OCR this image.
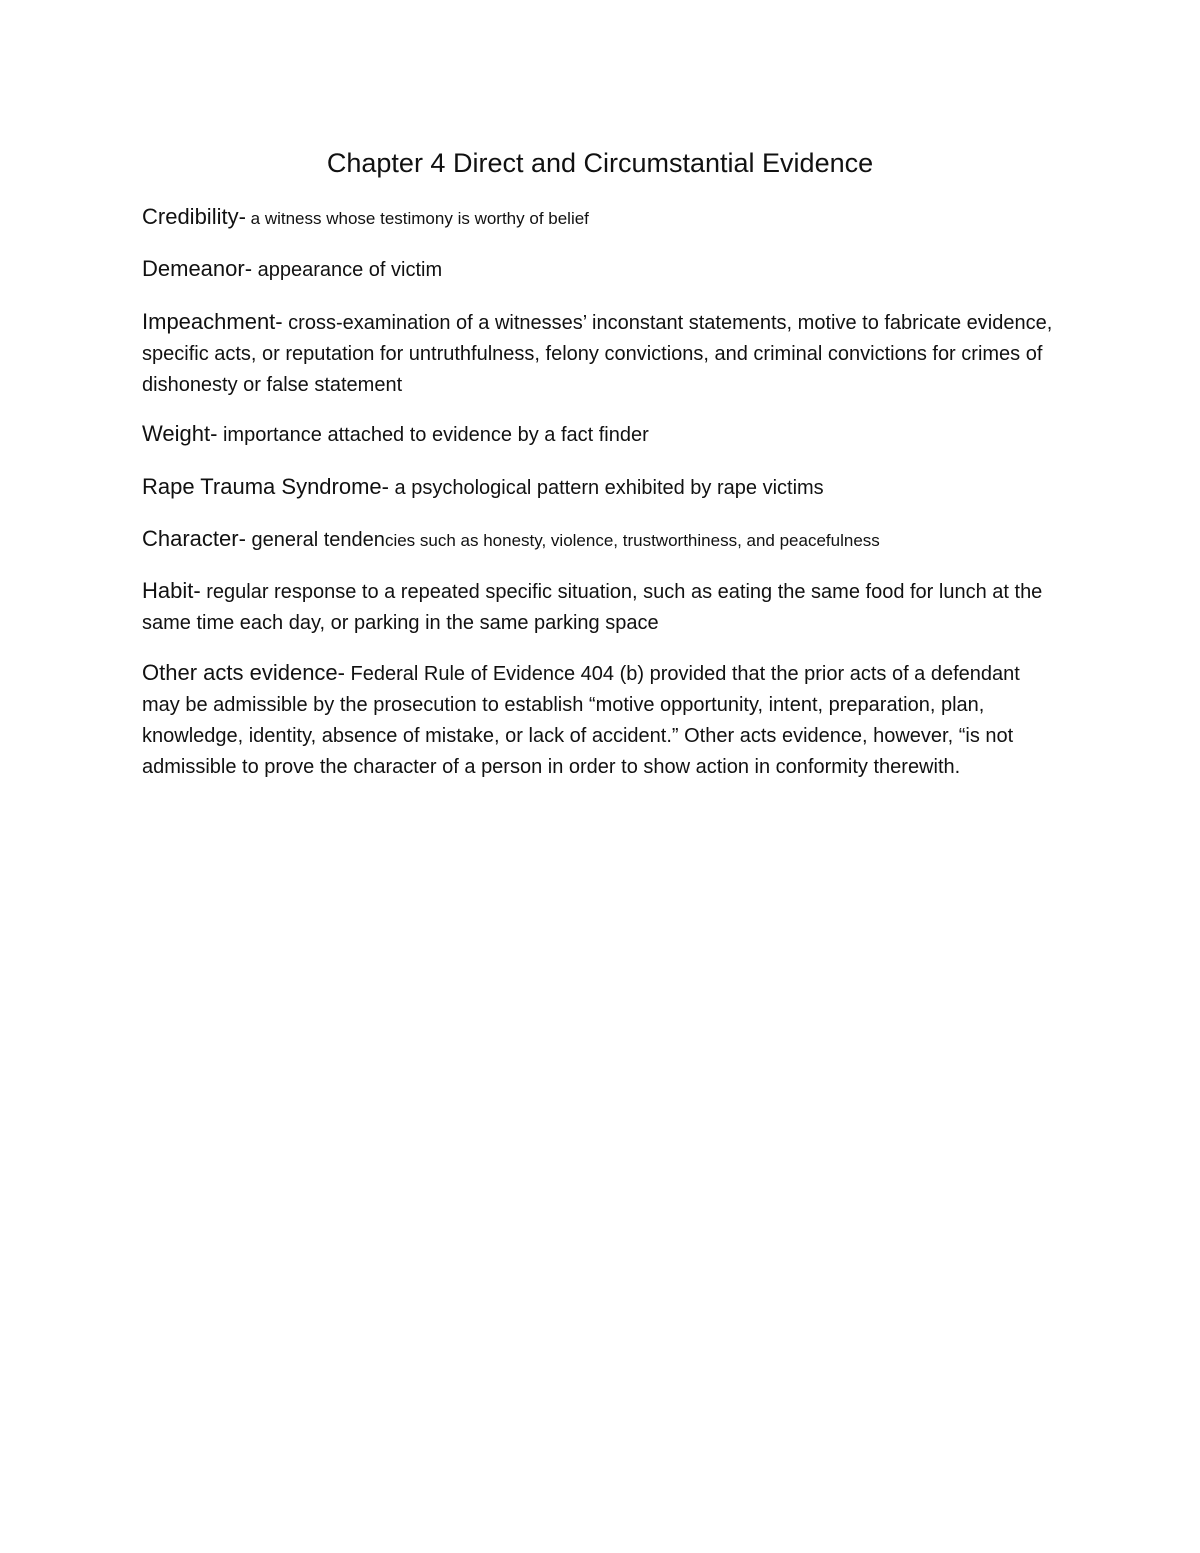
Chapter 4 Direct and Circumstantial Evidence

Credibility- a witness whose testimony is worthy of belief

Demeanor- appearance of victim

Impeachment- cross-examination of a witnesses’ inconstant statements, motive to fabricate evidence, specific acts, or reputation for untruthfulness, felony convictions, and criminal convictions for crimes of dishonesty or false statement

Weight- importance attached to evidence by a fact finder

Rape Trauma Syndrome- a psychological pattern exhibited by rape victims

Character- general tendencies such as honesty, violence, trustworthiness, and peacefulness

Habit- regular response to a repeated specific situation, such as eating the same food for lunch at the same time each day, or parking in the same parking space

Other acts evidence- Federal Rule of Evidence 404 (b) provided that the prior acts of a defendant may be admissible by the prosecution to establish “motive opportunity, intent, preparation, plan, knowledge, identity, absence of mistake, or lack of accident.” Other acts evidence, however, “is not admissible to prove the character of a person in order to show action in conformity therewith.
